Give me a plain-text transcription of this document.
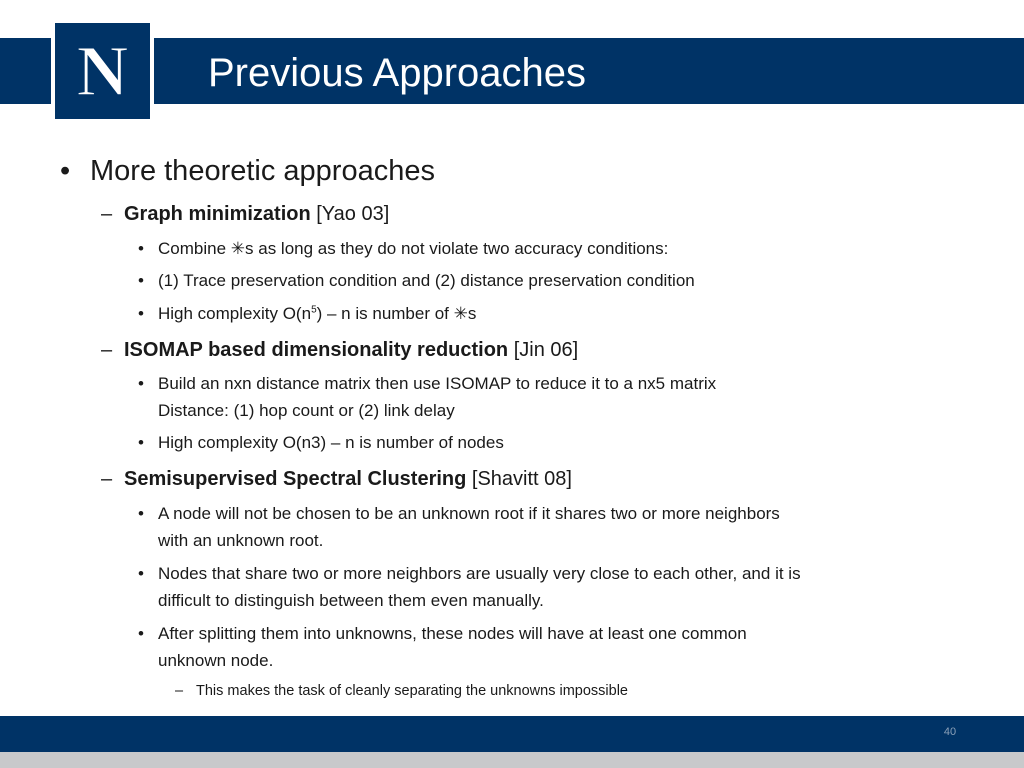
N Previous Approaches
• More theoretic approaches
– Graph minimization [Yao 03]
• Combine ✳s as long as they do not violate two accuracy conditions:
• (1) Trace preservation condition and (2) distance preservation condition
• High complexity $O(n^5)$ – n is number of ✳s
– ISOMAP based dimensionality reduction [Jin 06]
• Build an nxn distance matrix then use ISOMAP to reduce it to a nx5 matrix
Distance: (1) hop count or (2) link delay
• High complexity O(n3) – n is number of nodes
– Semisupervised Spectral Clustering [Shavitt 08]
• A node will not be chosen to be an unknown root if it shares two or more neighbors
with an unknown root.
• Nodes that share two or more neighbors are usually very close to each other, and it is
difficult to distinguish between them even manually.
• After splitting them into unknowns, these nodes will have at least one common
unknown node.
– This makes the task of cleanly separating the unknowns impossible
40
